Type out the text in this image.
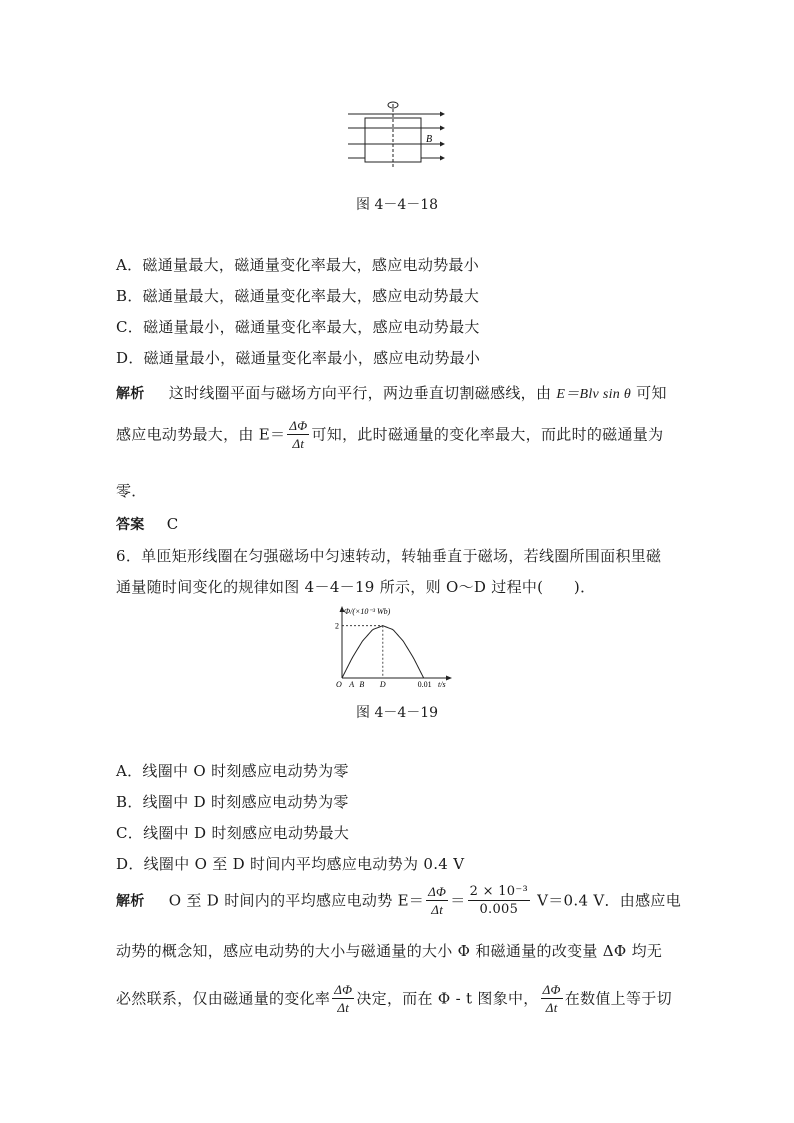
B
图 4－4－18
A．磁通量最大，磁通量变化率最大，感应电动势最小
B．磁通量最大，磁通量变化率最大，感应电动势最大
C．磁通量最小，磁通量变化率最大，感应电动势最大
D．磁通量最小，磁通量变化率最小，感应电动势最小
解析 这时线圈平面与磁场方向平行，两边垂直切割磁感线，由 E＝Blv sin θ 可知
感应电动势最大，由 $E= \frac{\Delta\Phi}{\Delta t}$ 可知，此时磁通量的变化率最大，而此时的磁通量为
零．
答案 C
6．单匝矩形线圈在匀强磁场中匀速转动，转轴垂直于磁场，若线圈所围面积里磁
通量随时间变化的规律如图 4－4－19 所示，则 O～D 过程中(　　)．
Φ/(×10⁻³ Wb)
t/s
2
O A B D	0.01
图 4－4－19
A．线圈中 O 时刻感应电动势为零
B．线圈中 D 时刻感应电动势为零
C．线圈中 D 时刻感应电动势最大
D．线圈中 O 至 D 时间内平均感应电动势为 0.4 V
解析 O 至 D 时间内的平均感应电动势 $E= \frac{\Delta\Phi}{\Delta t} = \frac{\text{2 × 10⁻³}}{0.005} V=0.4$ V．由感应电
动势的概念知，感应电动势的大小与磁通量的大小 Φ 和磁通量的改变量 ΔΦ 均无
必然联系，仅由磁通量的变化率 $\frac{\Delta\Phi}{\Delta t}$ 决定，而在 Φ - t 图象中， $\frac{\Delta\Phi}{\Delta t}$ 在数值上等于切
